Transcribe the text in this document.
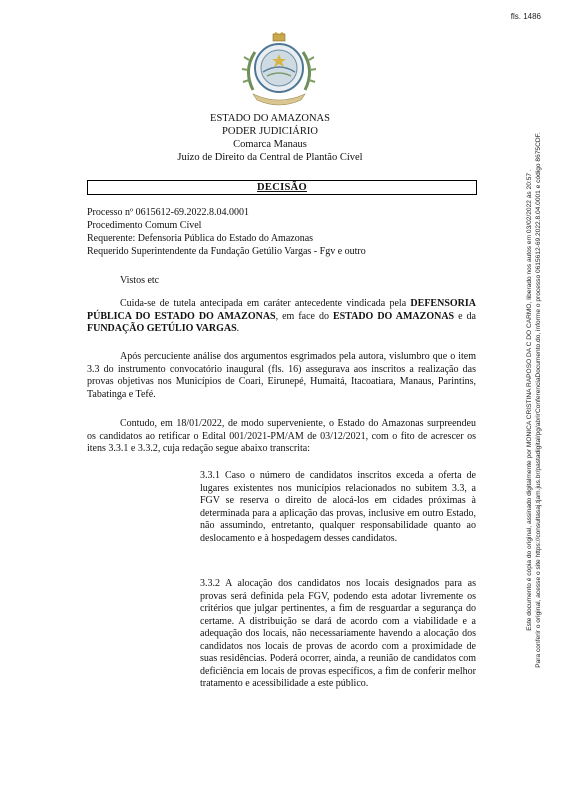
fls. 1486
ESTADO DO AMAZONAS
PODER JUDICIÁRIO
Comarca Manaus
Juízo de Direito da Central de Plantão Cível
DECISÃO
Processo nº 0615612-69.2022.8.04.0001
Procedimento Comum Cível
Requerente: Defensoria Pública do Estado do Amazonas
Requerido Superintendente da Fundação Getúlio Vargas - Fgv e outro
Vistos etc
Cuida-se de tutela antecipada em caráter antecedente vindicada pela DEFENSORIA PÚBLICA DO ESTADO DO AMAZONAS, em face do ESTADO DO AMAZONAS e da FUNDAÇÃO GETÚLIO VARGAS.
Após percuciente análise dos argumentos esgrimados pela autora, vislumbro que o item 3.3 do instrumento convocatório inaugural (fls. 16) assegurava aos inscritos a realização das provas objetivas nos Municípios de Coari, Eirunepé, Humaitá, Itacoatiara, Manaus, Parintins, Tabatinga e Tefé.
Contudo, em 18/01/2022, de modo superveniente, o Estado do Amazonas surpreendeu os candidatos ao retificar o Edital 001/2021-PM/AM de 03/12/2021, com o fito de acrescer os itens 3.3.1 e 3.3.2, cuja redação segue abaixo transcrita:
3.3.1 Caso o número de candidatos inscritos exceda a oferta de lugares existentes nos municípios relacionados no subitem 3.3, a FGV se reserva o direito de alocá-los em cidades próximas à determinada para a aplicação das provas, inclusive em outro Estado, não assumindo, entretanto, qualquer responsabilidade quanto ao deslocamento e à hospedagem desses candidatos.
3.3.2 A alocação dos candidatos nos locais designados para as provas será definida pela FGV, podendo esta adotar livremente os critérios que julgar pertinentes, a fim de resguardar a segurança do certame. A distribuição se dará de acordo com a viabilidade e a adequação dos locais, não necessariamente havendo a alocação dos candidatos nos locais de provas de acordo com a proximidade de suas residências. Poderá ocorrer, ainda, a reunião de candidatos com deficiência em locais de provas específicos, a fim de conferir melhor tratamento e acessibilidade a este público.
Este documento é cópia do original, assinado digitalmente por MONICA CRISTINA RAPOSO DA C DO CARMO, liberado nos autos em 03/02/2022 às 20:57 . Para conferir o original, acesse o site https://consultasaj.tjam.jus.br/pastadigital/pg/abrirConferenciaDocumento.do, informe o processo 0615612-69.2022.8.04.0001 e código 8675CDF.
